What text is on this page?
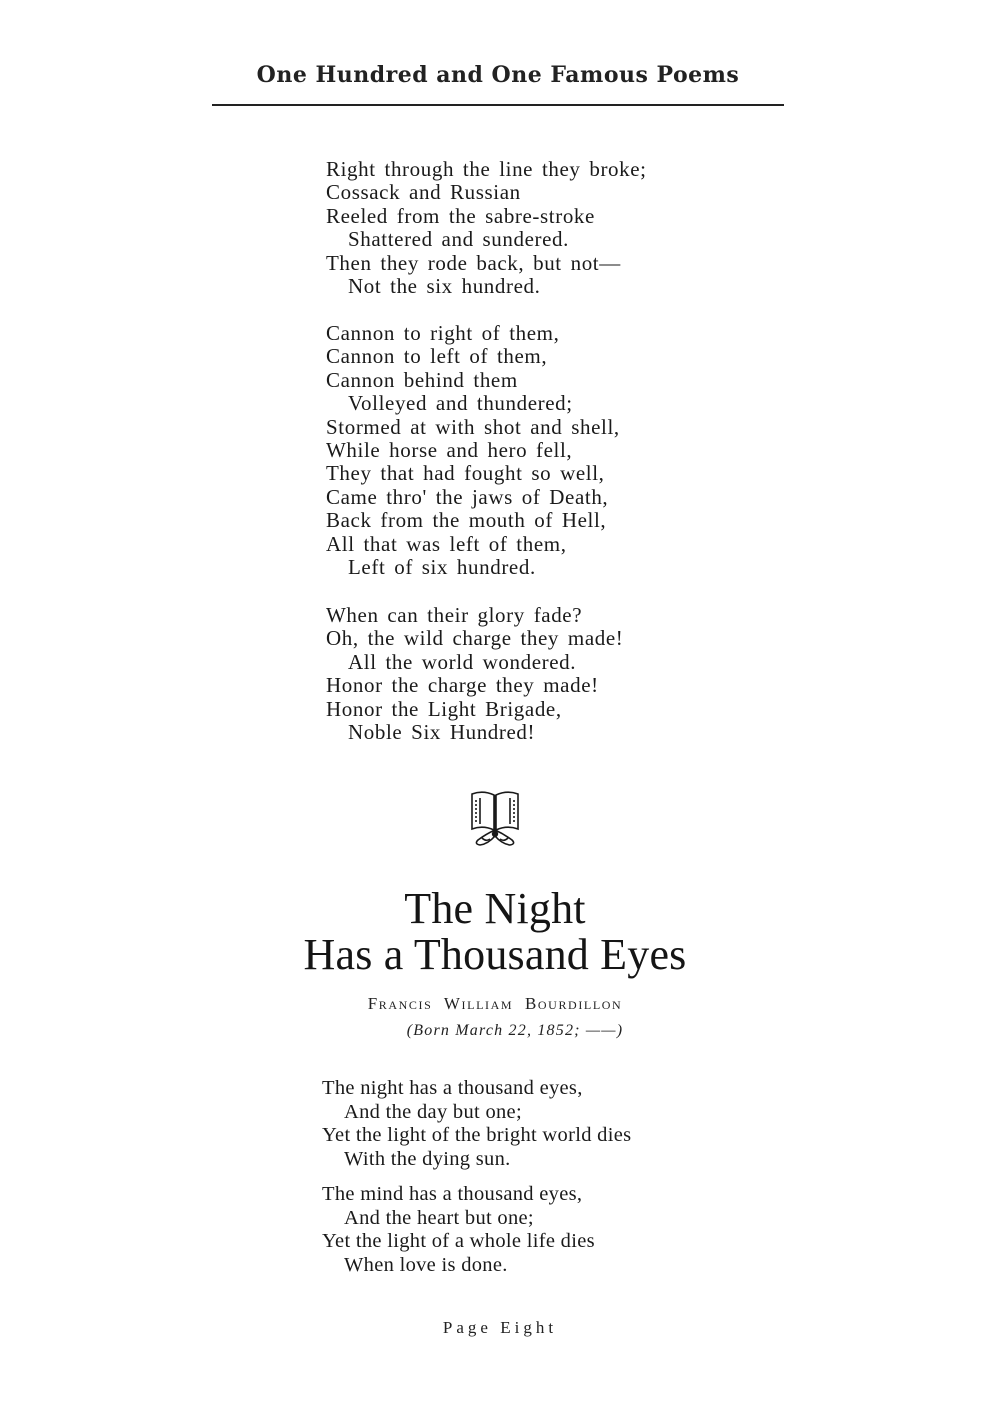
One Hundred and One Famous Poems
Right through the line they broke;
Cossack and Russian
Reeled from the sabre-stroke
Shattered and sundered.
Then they rode back, but not—
Not the six hundred.
Cannon to right of them,
Cannon to left of them,
Cannon behind them
Volleyed and thundered;
Stormed at with shot and shell,
While horse and hero fell,
They that had fought so well,
Came thro' the jaws of Death,
Back from the mouth of Hell,
All that was left of them,
Left of six hundred.
When can their glory fade?
Oh, the wild charge they made!
All the world wondered.
Honor the charge they made!
Honor the Light Brigade,
Noble Six Hundred!
The Night
Has a Thousand Eyes
Francis William Bourdillon
(Born March 22, 1852; ——)
The night has a thousand eyes,
And the day but one;
Yet the light of the bright world dies
With the dying sun.
The mind has a thousand eyes,
And the heart but one;
Yet the light of a whole life dies
When love is done.
Page Eight
